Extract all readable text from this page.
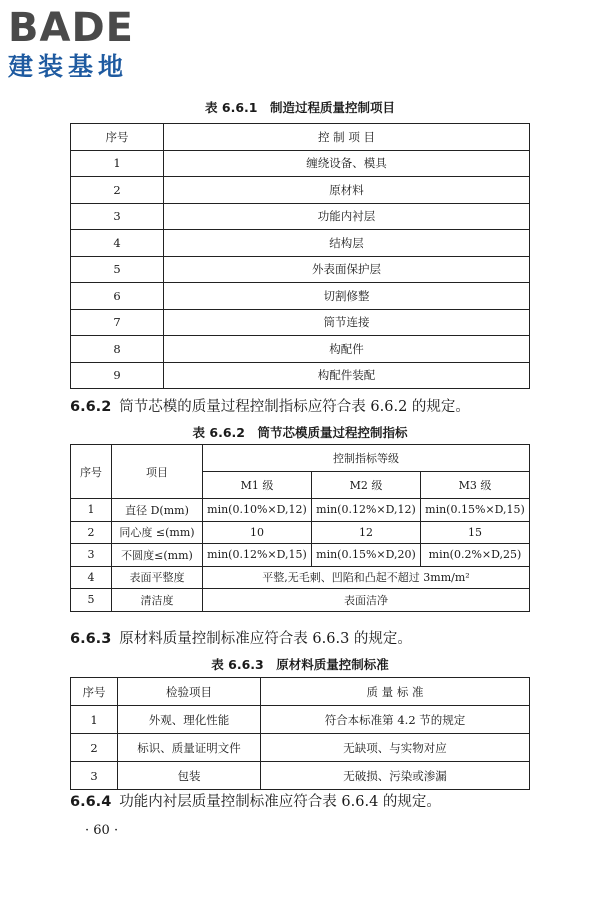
BADE
建装基地
表 6.6.1　制造过程质量控制项目
序号	控 制 项 目
1	缠绕设备、模具
2	原材料
3	功能内衬层
4	结构层
5	外表面保护层
6	切割修整
7	筒节连接
8	构配件
9	构配件装配
6.6.2 筒节芯模的质量过程控制指标应符合表 6.6.2 的规定。
表 6.6.2　筒节芯模质量过程控制指标
序号	项目	控制指标等级		
		M1 级	M2 级	M3 级
1	直径 D(mm)	min(0.10%×D,12)	min(0.12%×D,12)	min(0.15%×D,15)
2	同心度 ≤(mm)	10	12	15
3	不圆度≤(mm)	min(0.12%×D,15)	min(0.15%×D,20)	min(0.2%×D,25)
4	表面平整度	平整,无毛刺、凹陷和凸起不超过 3mm/m²		
5	清洁度	表面洁净		
6.6.3 原材料质量控制标准应符合表 6.6.3 的规定。
表 6.6.3　原材料质量控制标准
序号	检验项目	质 量 标 准
1	外观、理化性能	符合本标准第 4.2 节的规定
2	标识、质量证明文件	无缺项、与实物对应
3	包装	无破损、污染或渗漏
6.6.4 功能内衬层质量控制标准应符合表 6.6.4 的规定。
· 60 ·
